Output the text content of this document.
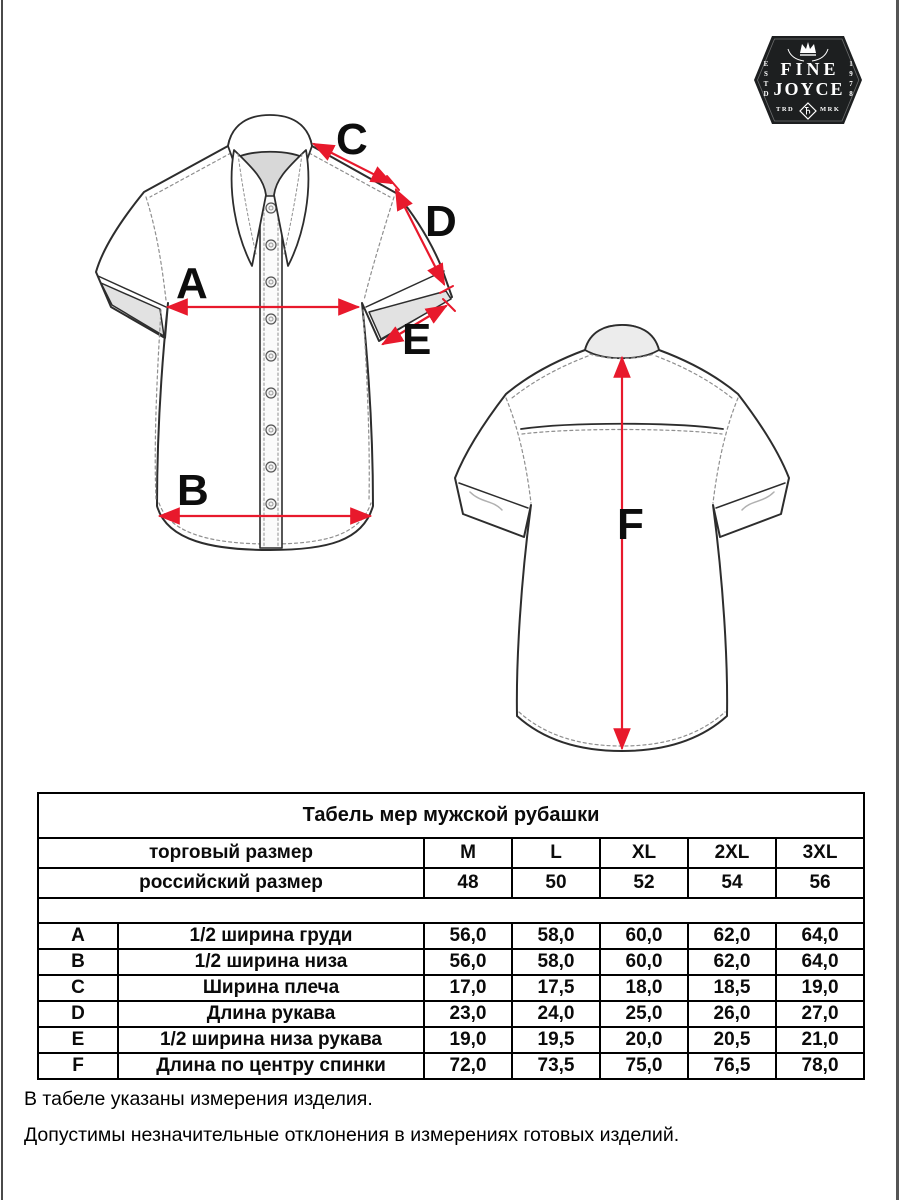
FINE
JOYCE
ESTD	1978
TRD	MRK
A
B
C
D
E
F
Табель мер мужской рубашки						
торговый размер		M	L	XL	2XL	3XL
российский размер		48	50	52	54	56

A	1/2 ширина груди	56,0	58,0	60,0	62,0	64,0
B	1/2 ширина низа	56,0	58,0	60,0	62,0	64,0
C	Ширина плеча	17,0	17,5	18,0	18,5	19,0
D	Длина рукава	23,0	24,0	25,0	26,0	27,0
E	1/2 ширина низа рукава	19,0	19,5	20,0	20,5	21,0
F	Длина по центру спинки	72,0	73,5	75,0	76,5	78,0

В табеле указаны измерения изделия.

Допустимы незначительные отклонения в измерениях готовых изделий.
